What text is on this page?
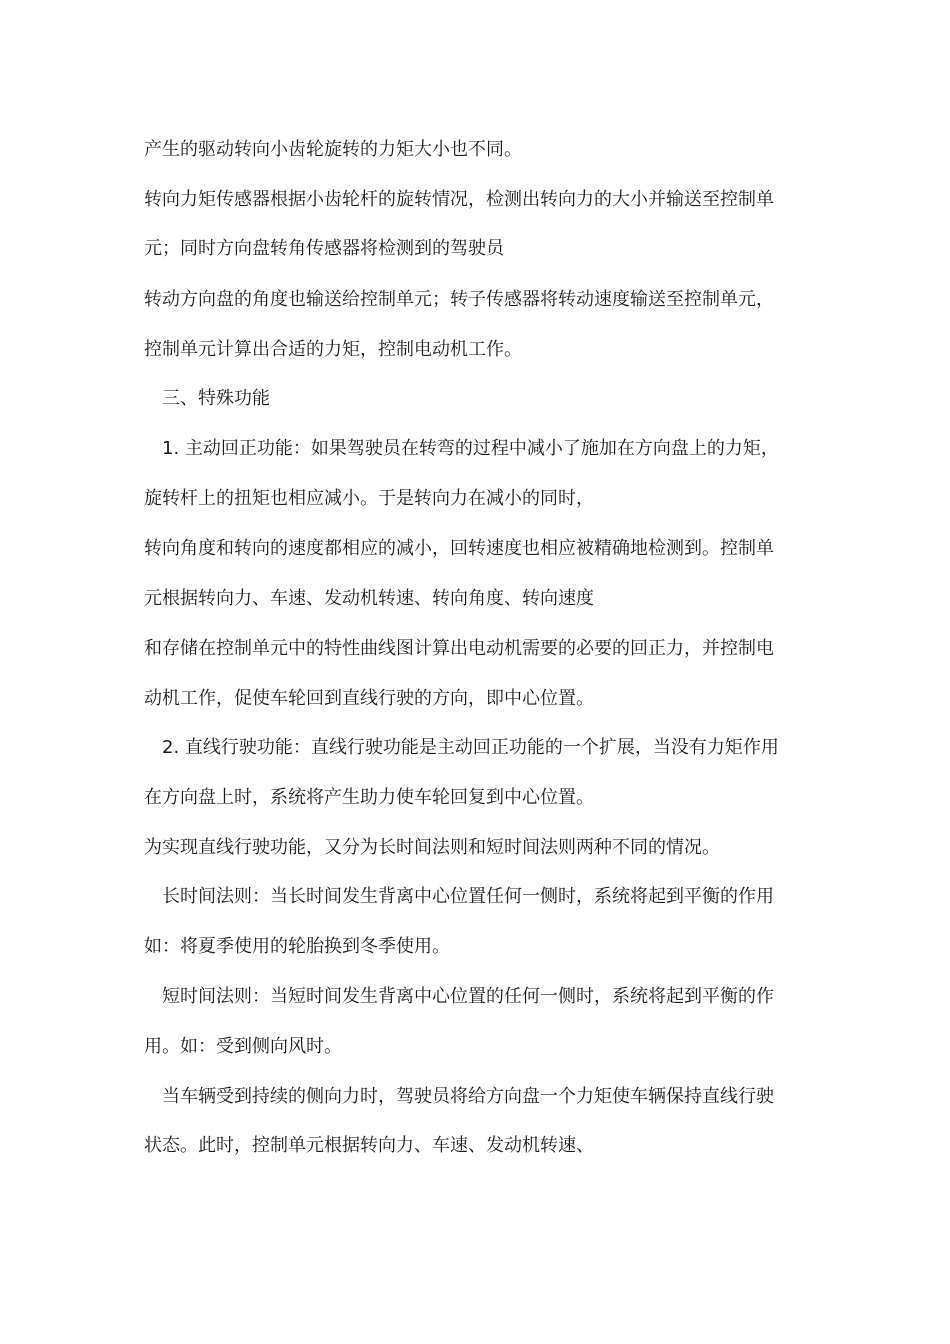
产生的驱动转向小齿轮旋转的力矩大小也不同。
转向力矩传感器根据小齿轮杆的旋转情况，检测出转向力的大小并输送至控制单
元；同时方向盘转角传感器将检测到的驾驶员
转动方向盘的角度也输送给控制单元；转子传感器将转动速度输送至控制单元，
控制单元计算出合适的力矩，控制电动机工作。
三、特殊功能
1. 主动回正功能：如果驾驶员在转弯的过程中减小了施加在方向盘上的力矩，
旋转杆上的扭矩也相应减小。于是转向力在减小的同时，
转向角度和转向的速度都相应的减小，回转速度也相应被精确地检测到。控制单
元根据转向力、车速、发动机转速、转向角度、转向速度
和存储在控制单元中的特性曲线图计算出电动机需要的必要的回正力，并控制电
动机工作，促使车轮回到直线行驶的方向，即中心位置。
2. 直线行驶功能：直线行驶功能是主动回正功能的一个扩展，当没有力矩作用
在方向盘上时，系统将产生助力使车轮回复到中心位置。
为实现直线行驶功能，又分为长时间法则和短时间法则两种不同的情况。
长时间法则：当长时间发生背离中心位置任何一侧时，系统将起到平衡的作用
如：将夏季使用的轮胎换到冬季使用。
短时间法则：当短时间发生背离中心位置的任何一侧时，系统将起到平衡的作
用。如：受到侧向风时。
当车辆受到持续的侧向力时，驾驶员将给方向盘一个力矩使车辆保持直线行驶
状态。此时，控制单元根据转向力、车速、发动机转速、
